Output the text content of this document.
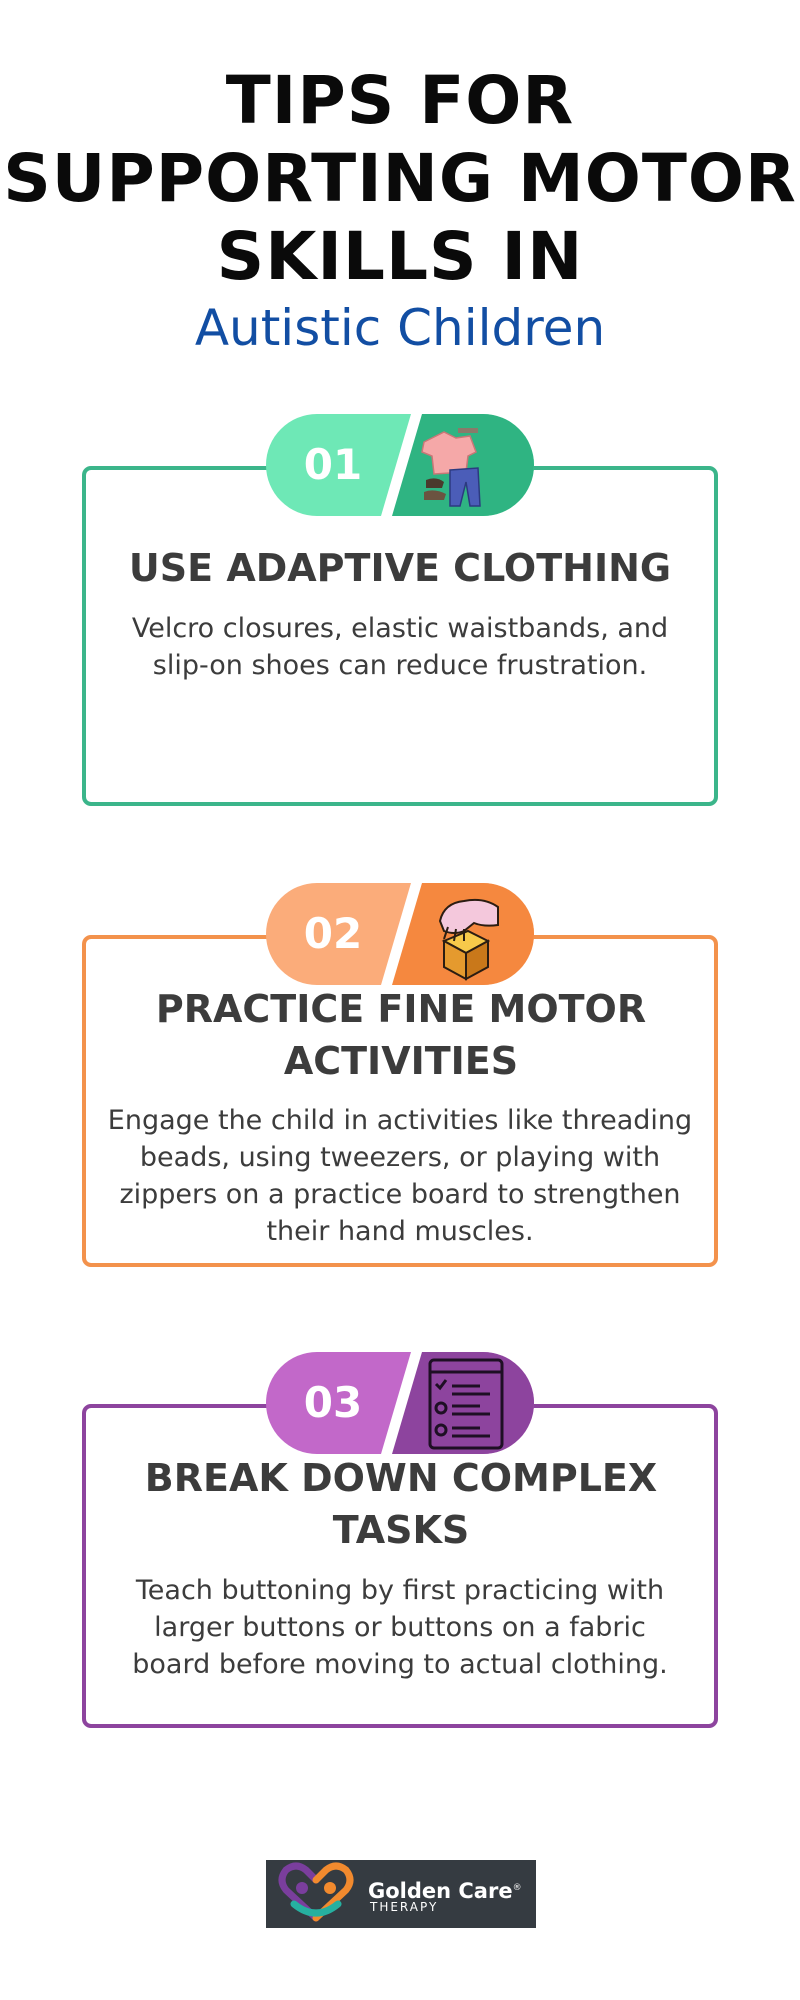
TIPS FOR
SUPPORTING MOTOR
SKILLS IN
Autistic Children
USE ADAPTIVE CLOTHING
Velcro closures, elastic waistbands, and slip-on shoes can reduce frustration.
01
PRACTICE FINE MOTOR ACTIVITIES
Engage the child in activities like threading beads, using tweezers, or playing with zippers on a practice board to strengthen their hand muscles.
02
BREAK DOWN COMPLEX TASKS
Teach buttoning by first practicing with larger buttons or buttons on a fabric board before moving to actual clothing.
03
Golden Care®
THERAPY
